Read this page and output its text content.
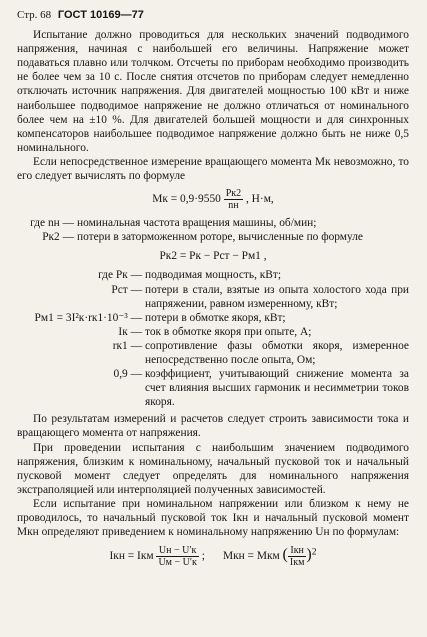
Стр. 68 ГОСТ 10169—77

Испытание должно проводиться для нескольких значений подводимого напряжения, начиная с наибольшей его величины. Напряжение может подаваться плавно или толчком. Отсчеты по приборам необходимо производить не более чем за 10 с. После снятия отсчетов по приборам следует немедленно отключать источник напряжения. Для двигателей мощностью 100 кВт и ниже наибольшее подводимое напряжение не должно отличаться от номинального более чем на ±10 %. Для двигателей большей мощности и для синхронных компенсаторов наибольшее подводимое напряжение должно быть не ниже 0,5 номинального.

Если непосредственное измерение вращающего момента Mк невозможно, то его следует вычислять по формуле

Mк = $0,9\cdot 9550 \frac{Pк2}{nн}$ , Н·м,
где nн — номинальная частота вращения машины, об/мин;
Pк2 — потери в заторможенном роторе, вычисленные по формуле
Pк2 = Pк − Pст − Pм1 ,
где Pк — подводимая мощность, кВт;
Pст — потери в стали, взятые из опыта холостого хода при напряжении, равном измеренному, кВт;
Pм1 = 3I²к·rк1·10⁻³ — потери в обмотке якоря, кВт;
Iк — ток в обмотке якоря при опыте, А;
rк1 — сопротивление фазы обмотки якоря, измеренное непосредственно после опыта, Ом;
0,9 — коэффициент, учитывающий снижение момента за счет влияния высших гармоник и несимметрии токов якоря.

По результатам измерений и расчетов следует строить зависимости тока и вращающего момента от напряжения.

При проведении испытания с наибольшим значением подводимого напряжения, близким к номинальному, начальный пусковой ток и начальный пусковой момент следует определять для номинального напряжения экстраполяцией или интерполяцией полученных зависимостей.

Если испытание при номинальном напряжении или близком к нему не проводилось, то начальный пусковой ток Iкн и начальный пусковой момент Mкн определяют приведением к номинальному напряжению Uн по формулам:

Iкн = Iкм $\frac{Uн - U'к}{Uм - U'к}$ ; Mкн = Mкм ( $\frac{\text{Iкн}}{\text{Iкм}} )^2$
